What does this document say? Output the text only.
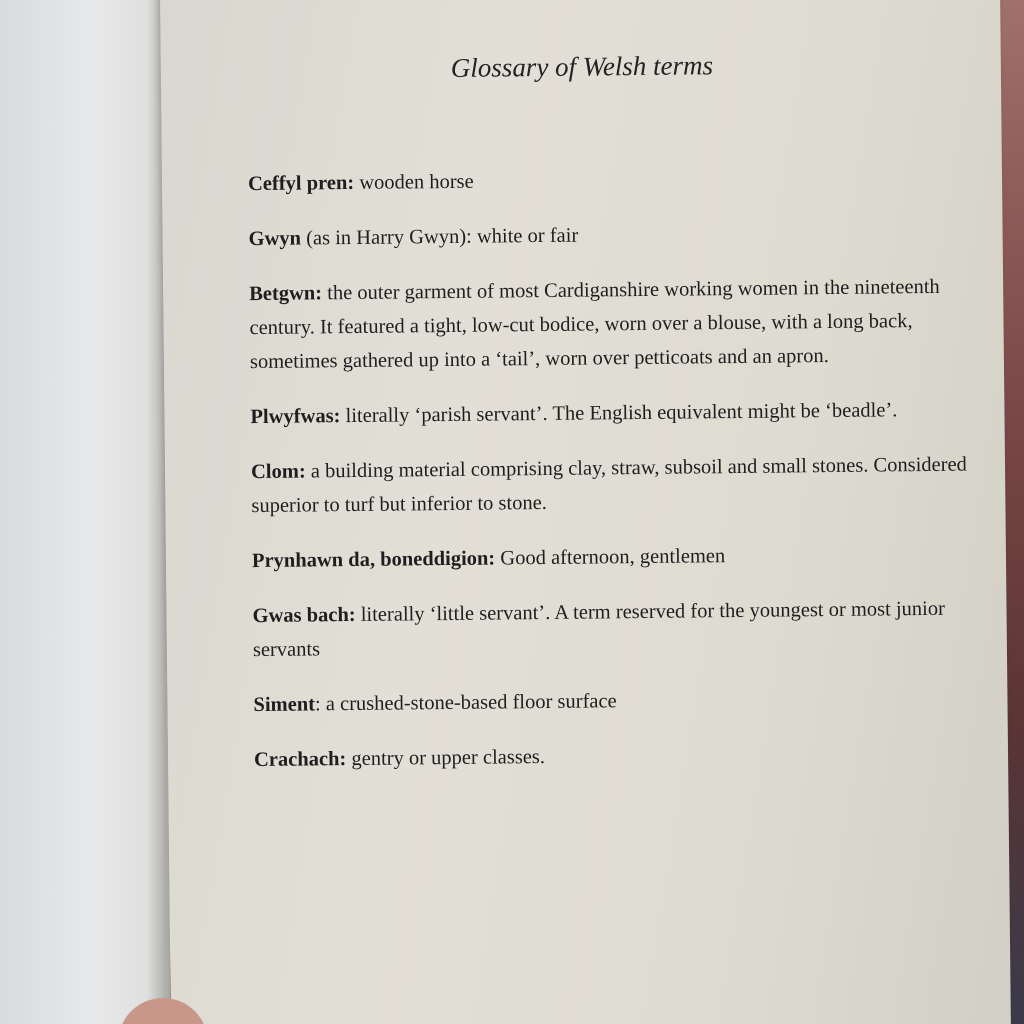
Glossary of Welsh terms

Ceffyl pren: wooden horse

Gwyn (as in Harry Gwyn): white or fair

Betgwn: the outer garment of most Cardiganshire working women in the nineteenth century. It featured a tight, low-cut bodice, worn over a blouse, with a long back, sometimes gathered up into a ‘tail’, worn over petticoats and an apron.

Plwyfwas: literally ‘parish servant’. The English equivalent might be ‘beadle’.

Clom: a building material comprising clay, straw, subsoil and small stones. Considered superior to turf but inferior to stone.

Prynhawn da, boneddigion: Good afternoon, gentlemen

Gwas bach: literally ‘little servant’. A term reserved for the youngest or most junior servants

Siment: a crushed-stone-based floor surface

Crachach: gentry or upper classes.
